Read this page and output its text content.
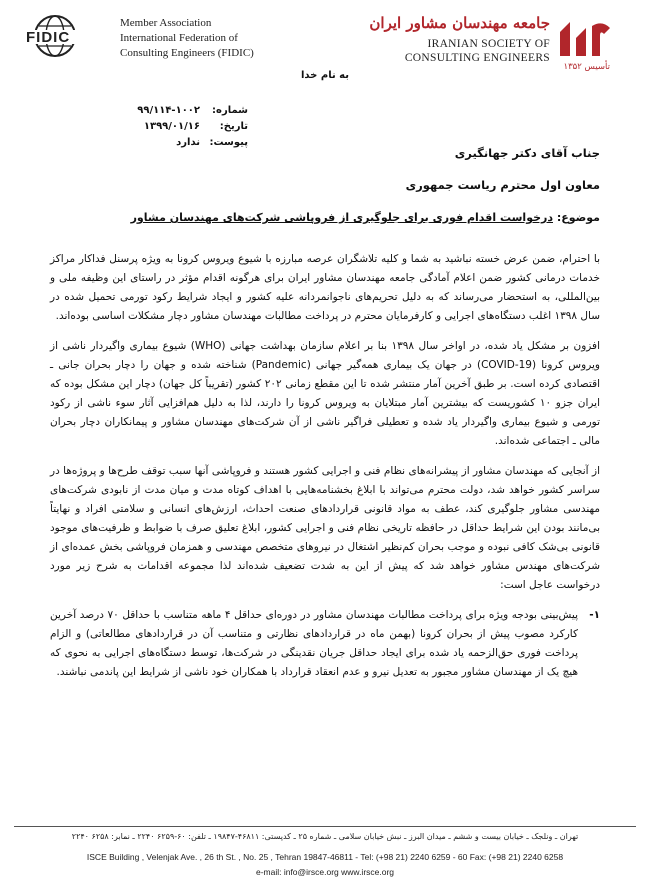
FIDIC
Member Association
International Federation of
Consulting Engineers (FIDIC)
جامعه مهندسان مشاور ایران
IRANIAN SOCIETY OF
CONSULTING ENGINEERS
تأسیس ۱۳۵۲
به نام خدا
شماره:
۹۹/۱۱۴-۱۰۰۲
تاریخ:
۱۳۹۹/۰۱/۱۶
پیوست:
ندارد
جناب آقای دکتر جهانگیری
معاون اول محترم ریاست جمهوری
موضوع: درخواست اقدام فوری برای جلوگیری از فروپاشی شرکت‌های مهندسان مشاور

با احترام، ضمن عرض خسته نباشید به شما و کلیه تلاشگران عرصه مبارزه با شیوع ویروس کرونا به ویژه پرسنل فداکار مراکز خدمات درمانی کشور ضمن اعلام آمادگی جامعه مهندسان مشاور ایران برای هرگونه اقدام مؤثر در راستای این وظیفه ملی و بین‌المللی، به استحضار می‌رساند که به دلیل تحریم‌های ناجوانمردانه علیه کشور و ایجاد شرایط رکود تورمی تحمیل شده در سال ۱۳۹۸ اغلب دستگاه‌های اجرایی و کارفرمایان محترم در پرداخت مطالبات مهندسان مشاور دچار مشکلات اساسی بوده‌اند.

افزون بر مشکل یاد شده، در اواخر سال ۱۳۹۸ بنا بر اعلام سازمان بهداشت جهانی (WHO) شیوع بیماری واگیردار ناشی از ویروس کرونا (COVID-19) در جهان یک بیماری همه‌گیر جهانی (Pandemic) شناخته شده و جهان را دچار بحران جانی ـ اقتصادی کرده است. بر طبق آخرین آمار منتشر شده تا این مقطع زمانی ۲۰۲ کشور (تقریباً کل جهان) دچار این مشکل بوده که ایران جزو ۱۰ کشوریست که بیشترین آمار مبتلایان به ویروس کرونا را دارند، لذا به دلیل هم‌افزایی آثار سوء ناشی از رکود تورمی و شیوع بیماری واگیردار یاد شده و تعطیلی فراگیر ناشی از آن شرکت‌های مهندسان مشاور و پیمانکاران دچار بحران مالی ـ اجتماعی شده‌اند.

از آنجایی که مهندسان مشاور از پیشرانه‌های نظام فنی و اجرایی کشور هستند و فروپاشی آنها سبب توقف طرح‌ها و پروژه‌ها در سراسر کشور خواهد شد، دولت محترم می‌تواند با ابلاغ بخشنامه‌هایی با اهداف کوتاه مدت و میان مدت از نابودی شرکت‌های مهندسی مشاور جلوگیری کند، عطف به مواد قانونی قراردادهای صنعت احداث، ارزش‌های انسانی و سلامتی افراد و نهایتاً بی‌مانند بودن این شرایط حداقل در حافظه تاریخی نظام فنی و اجرایی کشور، ابلاغ تعلیق صرف با ضوابط و ظرفیت‌های موجود قانونی بی‌شک کافی نبوده و موجب بحران کم‌نظیر اشتغال در نیروهای متخصص مهندسی و همزمان فروپاشی بخش عمده‌ای از شرکت‌های مهندس مشاور خواهد شد که پیش از این به شدت تضعیف شده‌اند لذا مجموعه اقدامات به شرح زیر مورد درخواست عاجل است:

۱-
پیش‌بینی بودجه ویژه برای پرداخت مطالبات مهندسان مشاور در دوره‌ای حداقل ۴ ماهه متناسب با حداقل ۷۰ درصد آخرین کارکرد مصوب پیش از بحران کرونا (بهمن ماه در قراردادهای نظارتی و متناسب آن در قراردادهای مطالعاتی) و الزام پرداخت فوری حق‌الزحمه یاد شده برای ایجاد حداقل جریان نقدینگی در شرکت‌ها، توسط دستگاه‌های اجرایی به نحوی که هیچ یک از مهندسان مشاور مجبور به تعدیل نیرو و عدم انعقاد قرارداد با همکاران خود ناشی از شرایط این پاندمی نباشند.
تهران ـ ونلجک ـ خیابان بیست و ششم ـ میدان البرز ـ نبش خیابان سلامی ـ شماره ۲۵ ـ کدپستی: ۴۶۸۱۱-۱۹۸۴۷ ـ تلفن: ۶۰-۶۲۵۹ ۲۲۴۰ ـ نمابر: ۶۲۵۸ ۲۲۴۰
ISCE Building , Velenjak Ave. , 26 th St. , No. 25 , Tehran 19847-46811 - Tel: (+98 21) 2240 6259 - 60 Fax: (+98 21) 2240 6258
e-mail: info@irsce.org www.irsce.org
